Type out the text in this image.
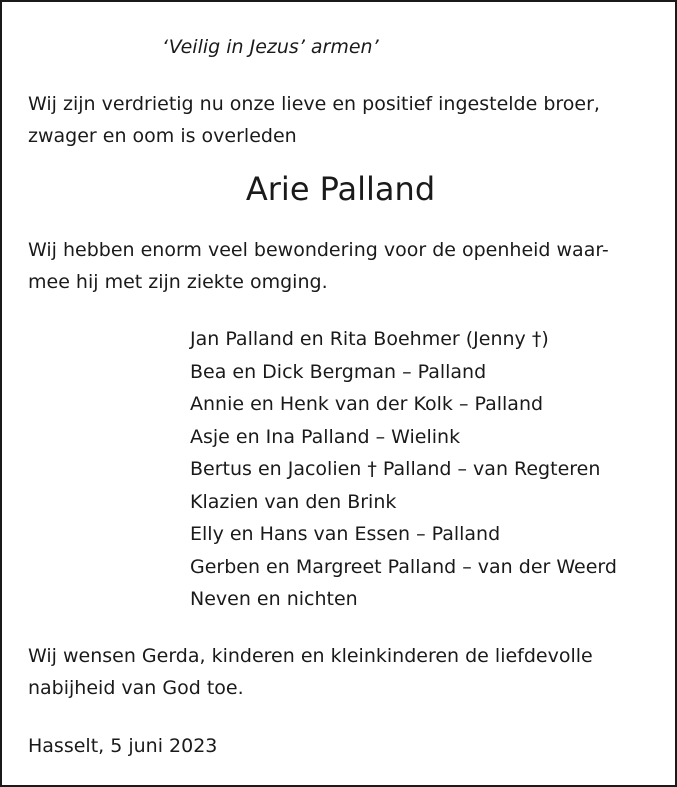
‘Veilig in Jezus’ armen’
Wij zijn verdrietig nu onze lieve en positief ingestelde broer,
zwager en oom is overleden
Arie Palland
Wij hebben enorm veel bewondering voor de openheid waar-
mee hij met zijn ziekte omging.
Jan Palland en Rita Boehmer (Jenny †)
Bea en Dick Bergman – Palland
Annie en Henk van der Kolk – Palland
Asje en Ina Palland – Wielink
Bertus en Jacolien † Palland – van Regteren
Klazien van den Brink
Elly en Hans van Essen – Palland
Gerben en Margreet Palland – van der Weerd
Neven en nichten
Wij wensen Gerda, kinderen en kleinkinderen de liefdevolle
nabijheid van God toe.
Hasselt, 5 juni 2023
